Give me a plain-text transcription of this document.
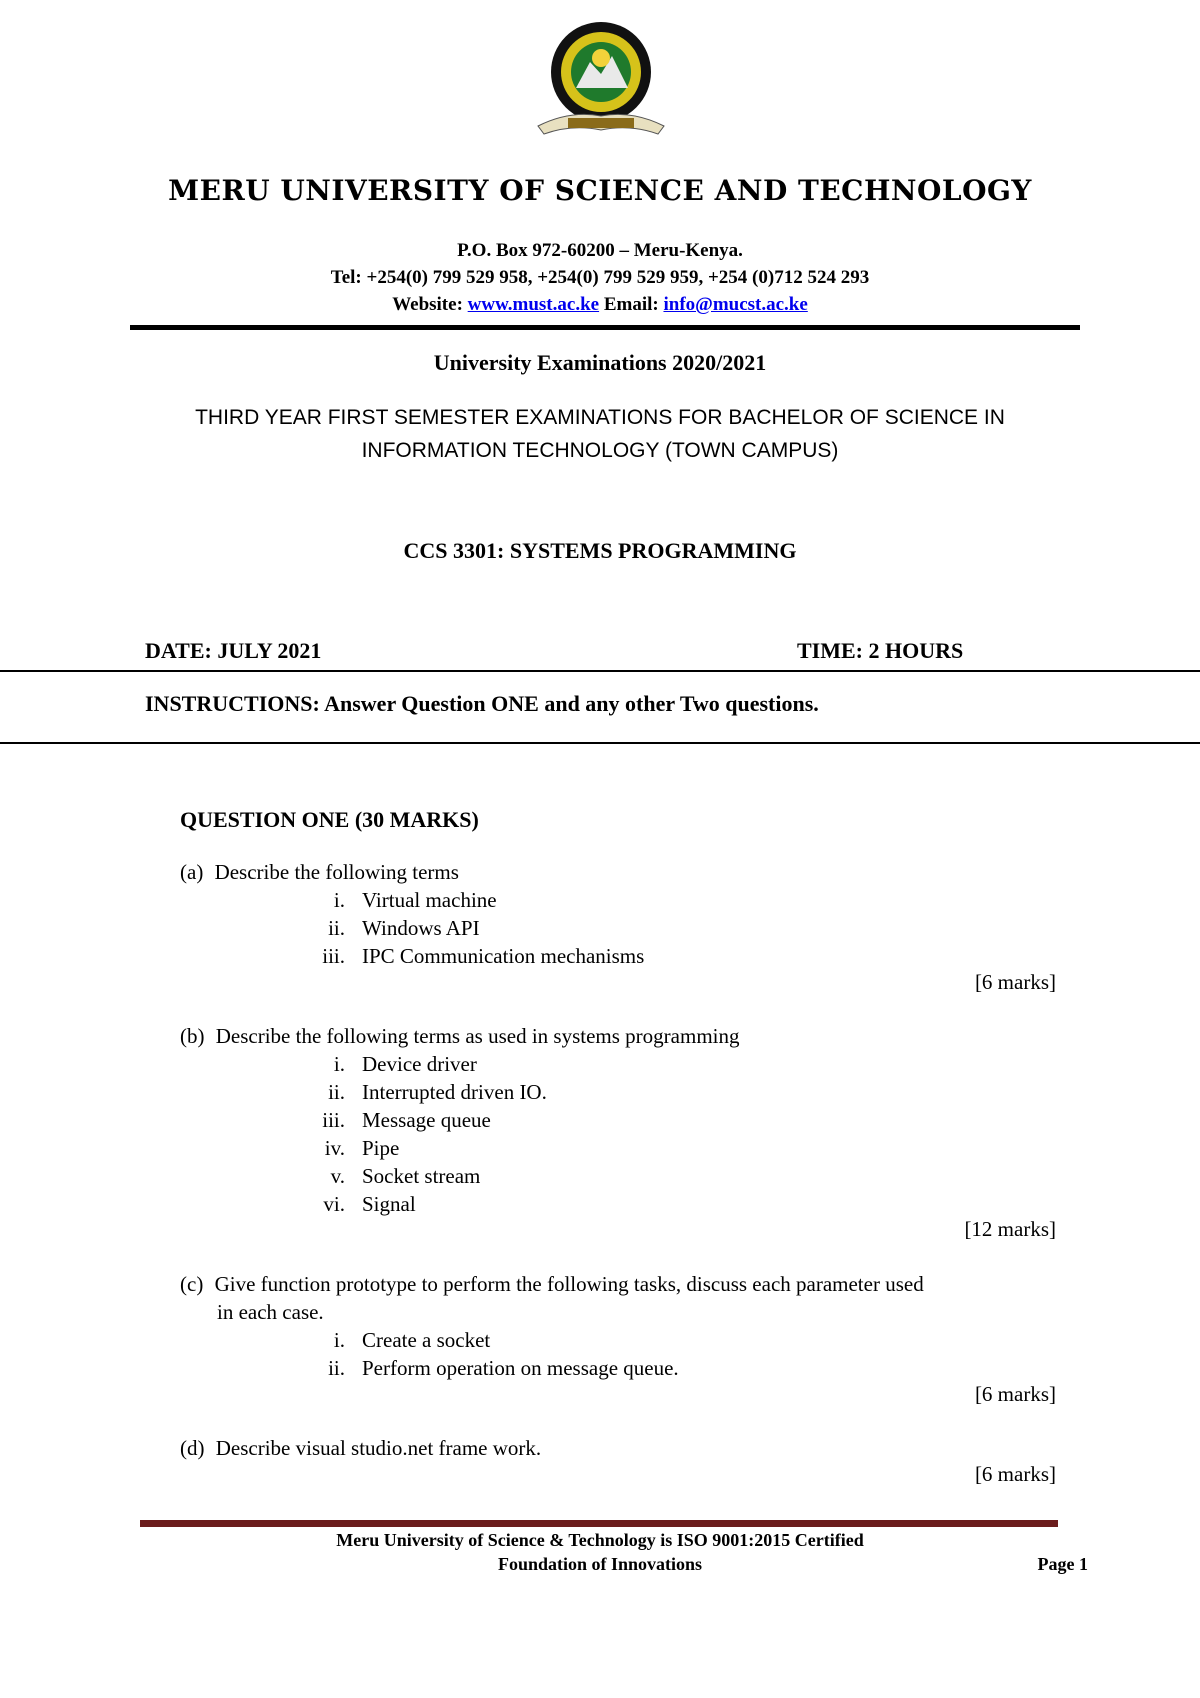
MERU UNIVERSITY OF SCIENCE AND TECHNOLOGY
P.O. Box 972-60200 – Meru-Kenya.
Tel: +254(0) 799 529 958, +254(0) 799 529 959, +254 (0)712 524 293
Website: www.must.ac.ke Email: info@mucst.ac.ke
University Examinations 2020/2021
THIRD YEAR FIRST SEMESTER EXAMINATIONS FOR BACHELOR OF SCIENCE IN
INFORMATION TECHNOLOGY (TOWN CAMPUS)
CCS 3301: SYSTEMS PROGRAMMING
DATE: JULY 2021	TIME: 2 HOURS
INSTRUCTIONS: Answer Question ONE and any other Two questions.
QUESTION ONE (30 MARKS)
(a) Describe the following terms
i. Virtual machine
ii. Windows API
iii. IPC Communication mechanisms
[6 marks]
(b) Describe the following terms as used in systems programming
i. Device driver
ii. Interrupted driven IO.
iii. Message queue
iv. Pipe
v. Socket stream
vi. Signal
[12 marks]
(c) Give function prototype to perform the following tasks, discuss each parameter used
in each case.
i. Create a socket
ii. Perform operation on message queue.
[6 marks]
(d) Describe visual studio.net frame work.
[6 marks]
Meru University of Science & Technology is ISO 9001:2015 Certified
Foundation of Innovations	Page 1
